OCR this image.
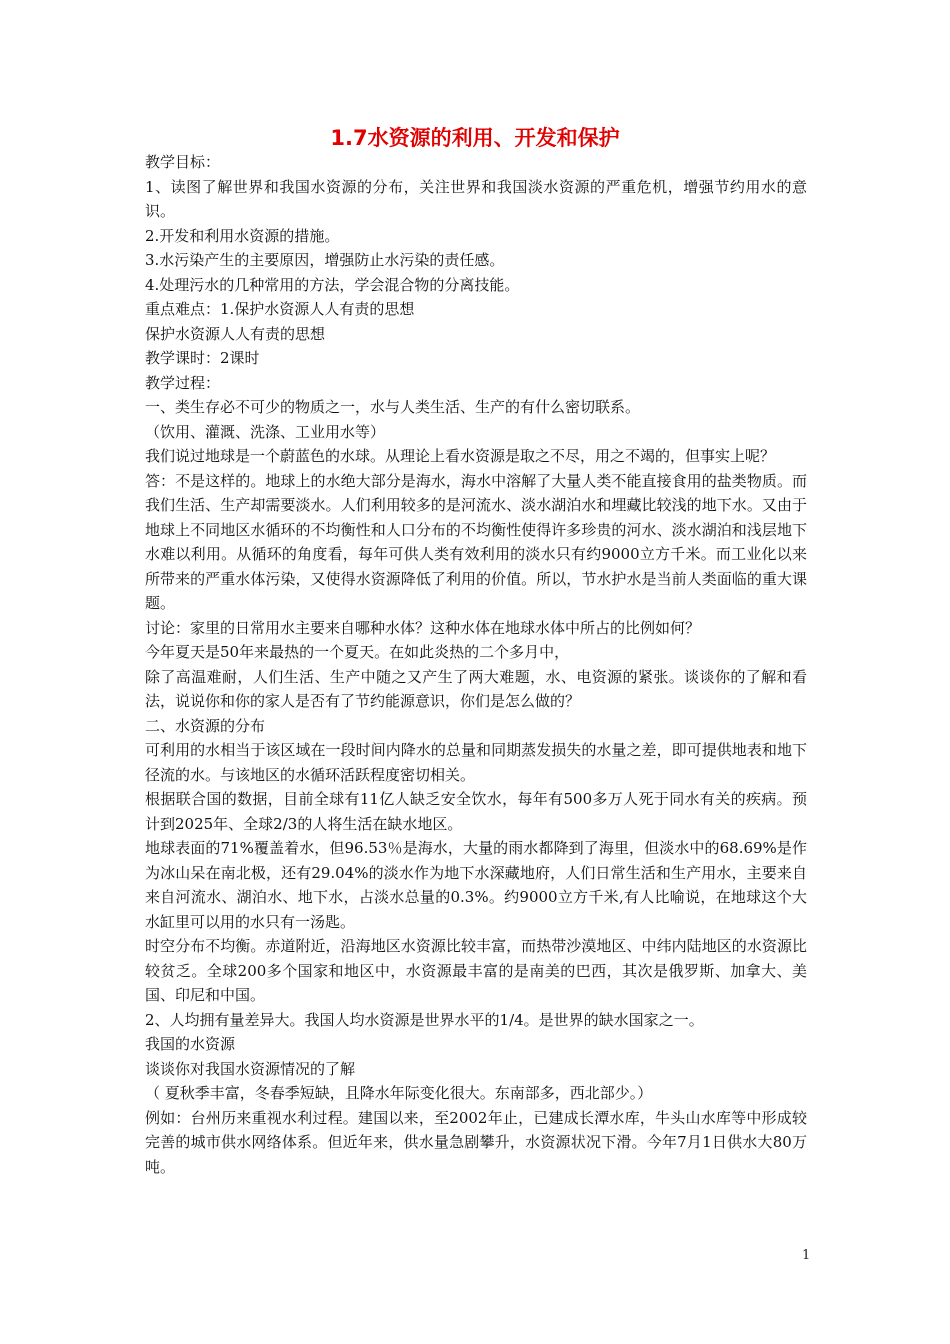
1.7水资源的利用、开发和保护

教学目标：

1、读图了解世界和我国水资源的分布，关注世界和我国淡水资源的严重危机，增强节约用水的意识。

2.开发和利用水资源的措施。

3.水污染产生的主要原因，增强防止水污染的责任感。

4.处理污水的几种常用的方法，学会混合物的分离技能。

重点难点：1.保护水资源人人有责的思想

保护水资源人人有责的思想

教学课时：2课时

教学过程：

一、类生存必不可少的物质之一，水与人类生活、生产的有什么密切联系。

（饮用、灌溉、洗涤、工业用水等）

我们说过地球是一个蔚蓝色的水球。从理论上看水资源是取之不尽，用之不竭的，但事实上呢？

答：不是这样的。地球上的水绝大部分是海水，海水中溶解了大量人类不能直接食用的盐类物质。而我们生活、生产却需要淡水。人们利用较多的是河流水、淡水湖泊水和埋藏比较浅的地下水。又由于地球上不同地区水循环的不均衡性和人口分布的不均衡性使得许多珍贵的河水、淡水湖泊和浅层地下水难以利用。从循环的角度看，每年可供人类有效利用的淡水只有约9000立方千米。而工业化以来所带来的严重水体污染，又使得水资源降低了利用的价值。所以，节水护水是当前人类面临的重大课题。

讨论：家里的日常用水主要来自哪种水体？这种水体在地球水体中所占的比例如何？

今年夏天是50年来最热的一个夏天。在如此炎热的二个多月中，

除了高温难耐，人们生活、生产中随之又产生了两大难题，水、电资源的紧张。谈谈你的了解和看法，说说你和你的家人是否有了节约能源意识，你们是怎么做的？

二、水资源的分布

可利用的水相当于该区域在一段时间内降水的总量和同期蒸发损失的水量之差，即可提供地表和地下径流的水。与该地区的水循环活跃程度密切相关。

根据联合国的数据，目前全球有11亿人缺乏安全饮水，每年有500多万人死于同水有关的疾病。预计到2025年、全球2/3的人将生活在缺水地区。

地球表面的71%覆盖着水，但96.53％是海水，大量的雨水都降到了海里，但淡水中的68.69%是作为冰山呆在南北极，还有29.04%的淡水作为地下水深藏地府，人们日常生活和生产用水，主要来自来自河流水、湖泊水、地下水，占淡水总量的0.3%。约9000立方千米,有人比喻说，在地球这个大水缸里可以用的水只有一汤匙。

时空分布不均衡。赤道附近，沿海地区水资源比较丰富，而热带沙漠地区、中纬内陆地区的水资源比较贫乏。全球200多个国家和地区中，水资源最丰富的是南美的巴西，其次是俄罗斯、加拿大、美国、印尼和中国。

2、人均拥有量差异大。我国人均水资源是世界水平的1/4。是世界的缺水国家之一。

我国的水资源

谈谈你对我国水资源情况的了解

（ 夏秋季丰富，冬春季短缺，且降水年际变化很大。东南部多，西北部少。）

例如：台州历来重视水利过程。建国以来，至2002年止，已建成长潭水库，牛头山水库等中形成较完善的城市供水网络体系。但近年来，供水量急剧攀升，水资源状况下滑。今年7月1日供水大80万吨。

1
